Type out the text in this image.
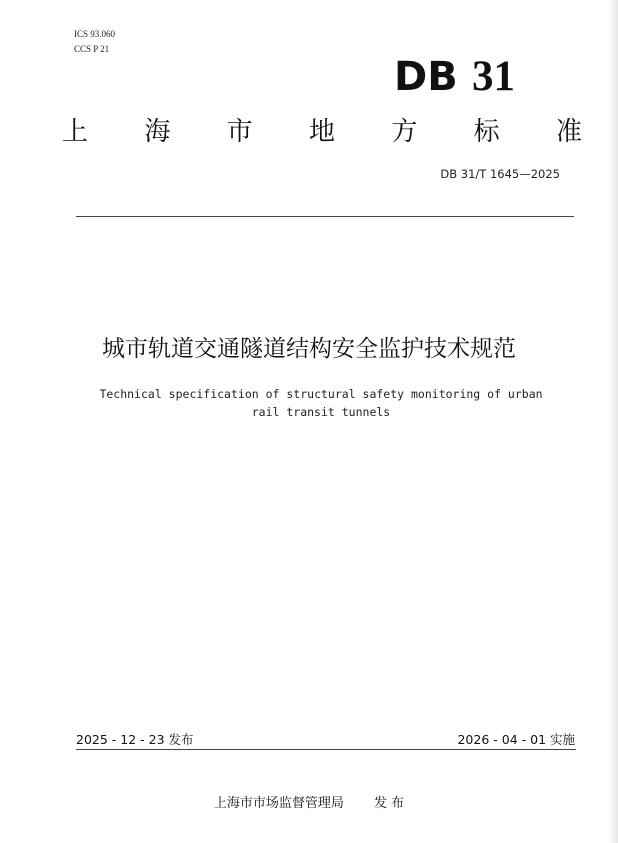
ICS 93.060
CCS P 21
DB 31
上 海 市 地 方 标 准
DB 31/T 1645—2025
城市轨道交通隧道结构安全监护技术规范
Technical specification of structural safety monitoring of urban
rail transit tunnels
2025 - 12 - 23 发布	2026 - 04 - 01 实施
上海市市场监督管理局 发 布
